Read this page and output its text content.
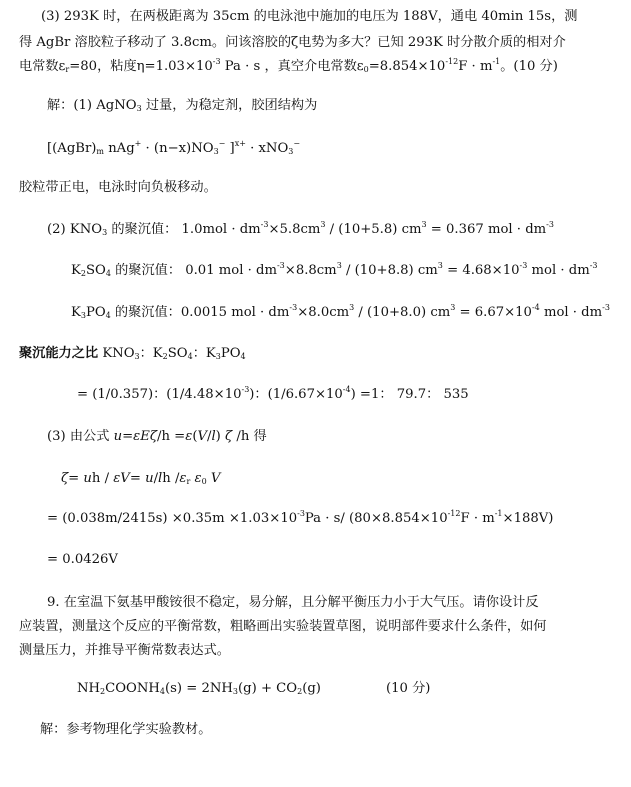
(3) 293K 时，在两极距离为 35cm 的电泳池中施加的电压为 188V，通电 40min 15s，测
得 AgBr 溶胶粒子移动了 3.8cm。问该溶胶的ζ电势为多大？已知 293K 时分散介质的相对介
电常数$\varepsilon_r=80$，粘度$\eta=1.03\times 10^{-3}$ Pa · s ，真空介电常数$\varepsilon_0=8.854\times 10^{-12}F \cdot m^{-1}$。(10 分)
解：(1) AgNO$_3$ 过量，为稳定剂，胶团结构为
[$(AgBr)_m$ $nAg^+ \cdot (n-x)NO_3^-$ ]$^{x+}$ · xNO$_3$−
胶粒带正电，电泳时向负极移动。
(2) $KNO_3$ 的聚沉值： $1.0mol \cdot dm^{-3}\times 5.8cm^3 / (10+5.8) cm^3 = 0.367$ mol · $dm^{-3}$
$K_2SO_4$ 的聚沉值： 0.01 mol · $dm^{-3}\times 8.8cm^3 / (10+8.8) cm^3 = 4.68\times 10^{-3}$ mol · $dm^{-3}$
$K_3PO_4$ 的聚沉值：0.0015 mol · $dm^{-3}\times 8.0cm^3 / (10+8.0) cm^3 = 6.67\times 10^{-4}$ mol · $dm^{-3}$
聚沉能力之比 $KNO_3$：$K_2SO_4$：$K_3PO_4$
= (1/0.357)：$(1/4.48\times 10^{-3})$：$(1/6.67\times 10^{-4}) =1$： 79.7： 535
(3) 由公式 u=εEζ/h =ε(V/l) ζ /h 得
ζ= uh / εV= u/lh $/\varepsilon_r$ $\varepsilon_0$ V
= $(0.038m/2415s) \times 0.35m \times 1.03\times 10^{-3}Pa \cdot s/$ $(80\times 8.854\times 10^{-12}F \cdot m^{-1}\times 188V)$
= 0.0426V
9. 在室温下氨基甲酸铵很不稳定，易分解，且分解平衡压力小于大气压。请你设计反
应装置，测量这个反应的平衡常数，粗略画出实验装置草图，说明部件要求什么条件，如何
测量压力，并推导平衡常数表达式。
$NH_2COONH_4(s) = 2NH_3(g) + CO_2(g)$	(10 分)
解：参考物理化学实验教材。
